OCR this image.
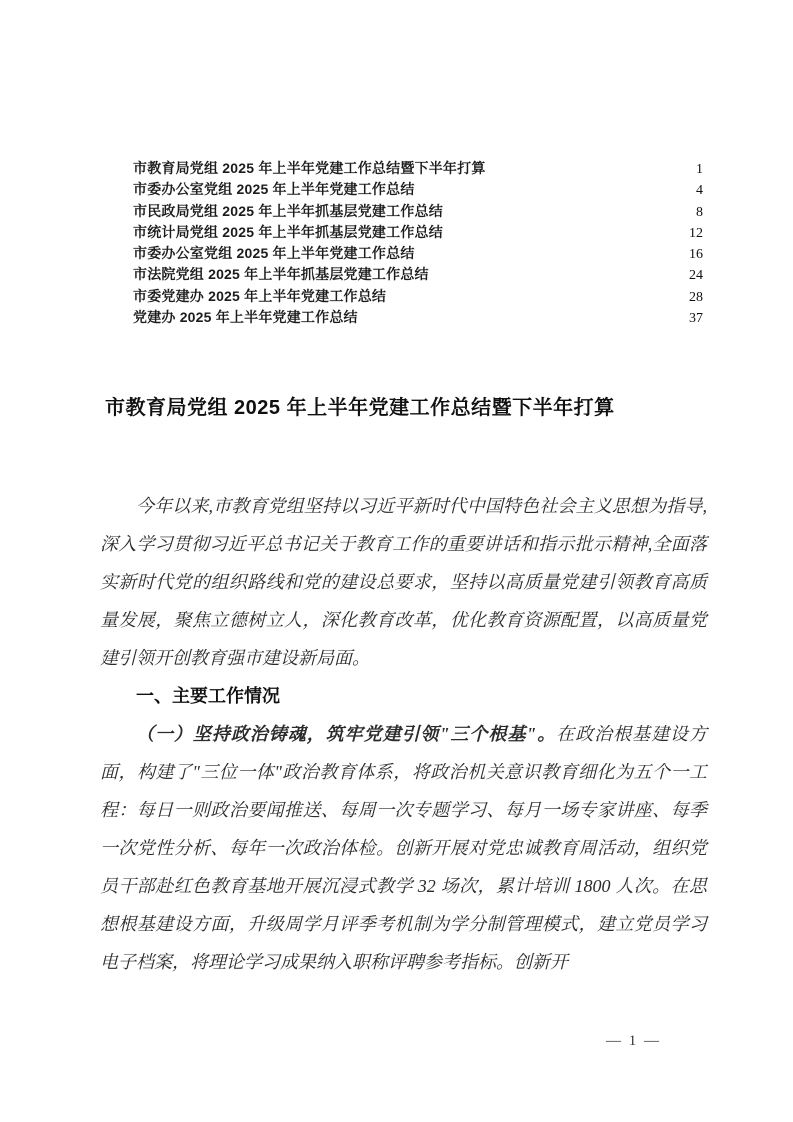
市教育局党组 2025 年上半年党建工作总结暨下半年打算	1
市委办公室党组 2025 年上半年党建工作总结	4
市民政局党组 2025 年上半年抓基层党建工作总结	8
市统计局党组 2025 年上半年抓基层党建工作总结	12
市委办公室党组 2025 年上半年党建工作总结	16
市法院党组 2025 年上半年抓基层党建工作总结	24
市委党建办 2025 年上半年党建工作总结	28
党建办 2025 年上半年党建工作总结	37
市教育局党组 2025 年上半年党建工作总结暨下半年打算

今年以来,市教育党组坚持以习近平新时代中国特色社会主义思想为指导,深入学习贯彻习近平总书记关于教育工作的重要讲话和指示批示精神,全面落实新时代党的组织路线和党的建设总要求，坚持以高质量党建引领教育高质量发展，聚焦立德树立人，深化教育改革，优化教育资源配置，以高质量党建引领开创教育强市建设新局面。

一、主要工作情况

（一）坚持政治铸魂，筑牢党建引领"三个根基"。在政治根基建设方面，构建了"三位一体"政治教育体系，将政治机关意识教育细化为五个一工程：每日一则政治要闻推送、每周一次专题学习、每月一场专家讲座、每季一次党性分析、每年一次政治体检。创新开展对党忠诚教育周活动，组织党员干部赴红色教育基地开展沉浸式教学 32 场次，累计培训 1800 人次。在思想根基建设方面，升级周学月评季考机制为学分制管理模式，建立党员学习电子档案，将理论学习成果纳入职称评聘参考指标。创新开

— 1 —
